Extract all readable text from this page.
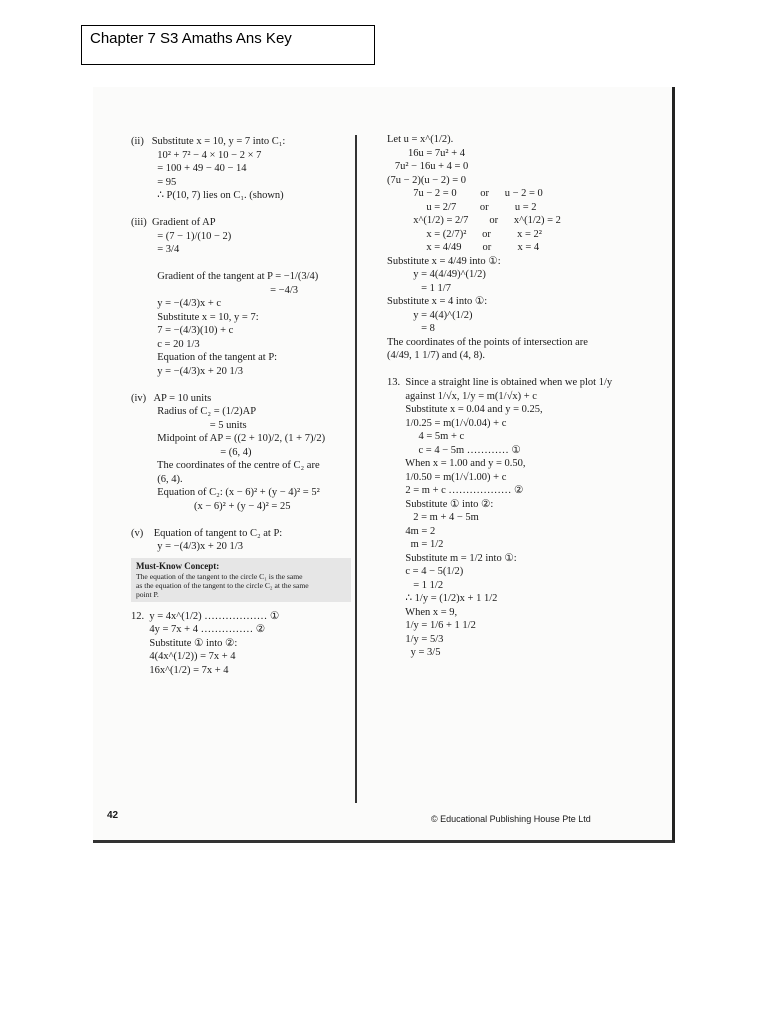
Chapter 7 S3 Amaths Ans Key
(ii)   Substitute x = 10, y = 7 into C₁:
10² + 7² − 4 × 10 − 2 × 7
= 100 + 49 − 40 − 14
= 95
∴ P(10, 7) lies on C₁. (shown)
(iii)  Gradient of AP
= (7 − 1)/(10 − 2)
= 3/4
Gradient of the tangent at P = −1/(3/4)
= −4/3
y = −(4/3)x + c
Substitute x = 10, y = 7:
7 = −(4/3)(10) + c
c = 20 1/3
Equation of the tangent at P:
y = −(4/3)x + 20 1/3
(iv)   AP = 10 units
Radius of C₂ = (1/2)AP
= 5 units
Midpoint of AP = ((2 + 10)/2, (1 + 7)/2)
= (6, 4)
The coordinates of the centre of C₂ are
(6, 4).
Equation of C₂: (x − 6)² + (y − 4)² = 5²
(x − 6)² + (y − 4)² = 25
(v)    Equation of tangent to C₂ at P:
y = −(4/3)x + 20 1/3
Must-Know Concept:
The equation of the tangent to the circle C₁ is the same
as the equation of the tangent to the circle C₂ at the same
point P.
12.  y = 4x^(1/2) ……………… ①
4y = 7x + 4 …………… ②
Substitute ① into ②:
4(4x^(1/2)) = 7x + 4
16x^(1/2) = 7x + 4
Let u = x^(1/2).
16u = 7u² + 4
7u² − 16u + 4 = 0
(7u − 2)(u − 2) = 0
7u − 2 = 0         or      u − 2 = 0
u = 2/7         or          u = 2
x^(1/2) = 2/7        or      x^(1/2) = 2
x = (2/7)²      or          x = 2²
x = 4/49        or          x = 4
Substitute x = 4/49 into ①:
y = 4(4/49)^(1/2)
= 1 1/7
Substitute x = 4 into ①:
y = 4(4)^(1/2)
= 8
The coordinates of the points of intersection are
(4/49, 1 1/7) and (4, 8).
13.  Since a straight line is obtained when we plot 1/y
against 1/√x, 1/y = m(1/√x) + c
Substitute x = 0.04 and y = 0.25,
1/0.25 = m(1/√0.04) + c
4 = 5m + c
c = 4 − 5m ………… ①
When x = 1.00 and y = 0.50,
1/0.50 = m(1/√1.00) + c
2 = m + c ……………… ②
Substitute ① into ②:
2 = m + 4 − 5m
4m = 2
m = 1/2
Substitute m = 1/2 into ①:
c = 4 − 5(1/2)
= 1 1/2
∴ 1/y = (1/2)x + 1 1/2
When x = 9,
1/y = 1/6 + 1 1/2
1/y = 5/3
y = 3/5
42	© Educational Publishing House Pte Ltd
